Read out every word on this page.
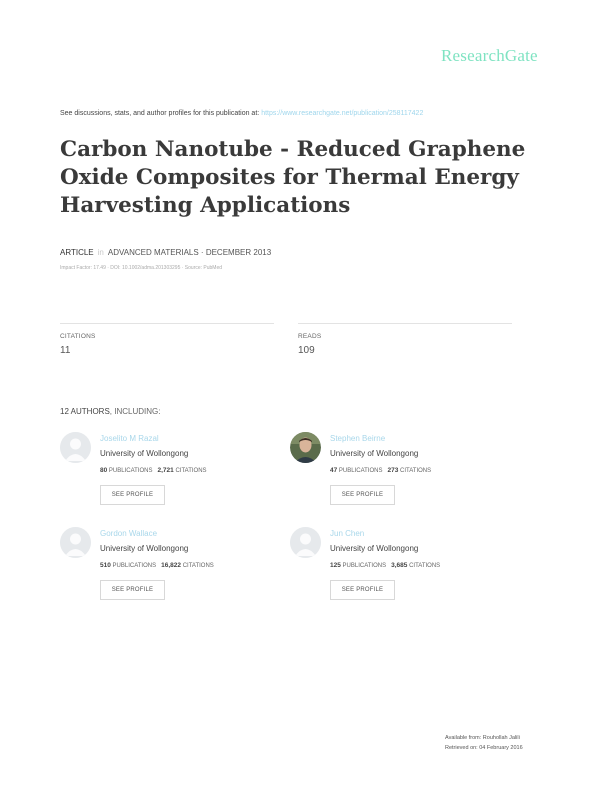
ResearchGate
See discussions, stats, and author profiles for this publication at: https://www.researchgate.net/publication/258117422
Carbon Nanotube - Reduced Graphene Oxide Composites for Thermal Energy Harvesting Applications
ARTICLE in ADVANCED MATERIALS · DECEMBER 2013
Impact Factor: 17.49 · DOI: 10.1002/adma.201303295 · Source: PubMed
CITATIONS
11
READS
109
12 AUTHORS, INCLUDING:
Joselito M Razal
University of Wollongong
80 PUBLICATIONS 2,721 CITATIONS
SEE PROFILE
Stephen Beirne
University of Wollongong
47 PUBLICATIONS 273 CITATIONS
SEE PROFILE
Gordon Wallace
University of Wollongong
510 PUBLICATIONS 16,822 CITATIONS
SEE PROFILE
Jun Chen
University of Wollongong
125 PUBLICATIONS 3,685 CITATIONS
SEE PROFILE
Available from: Rouhollah Jalili
Retrieved on: 04 February 2016
